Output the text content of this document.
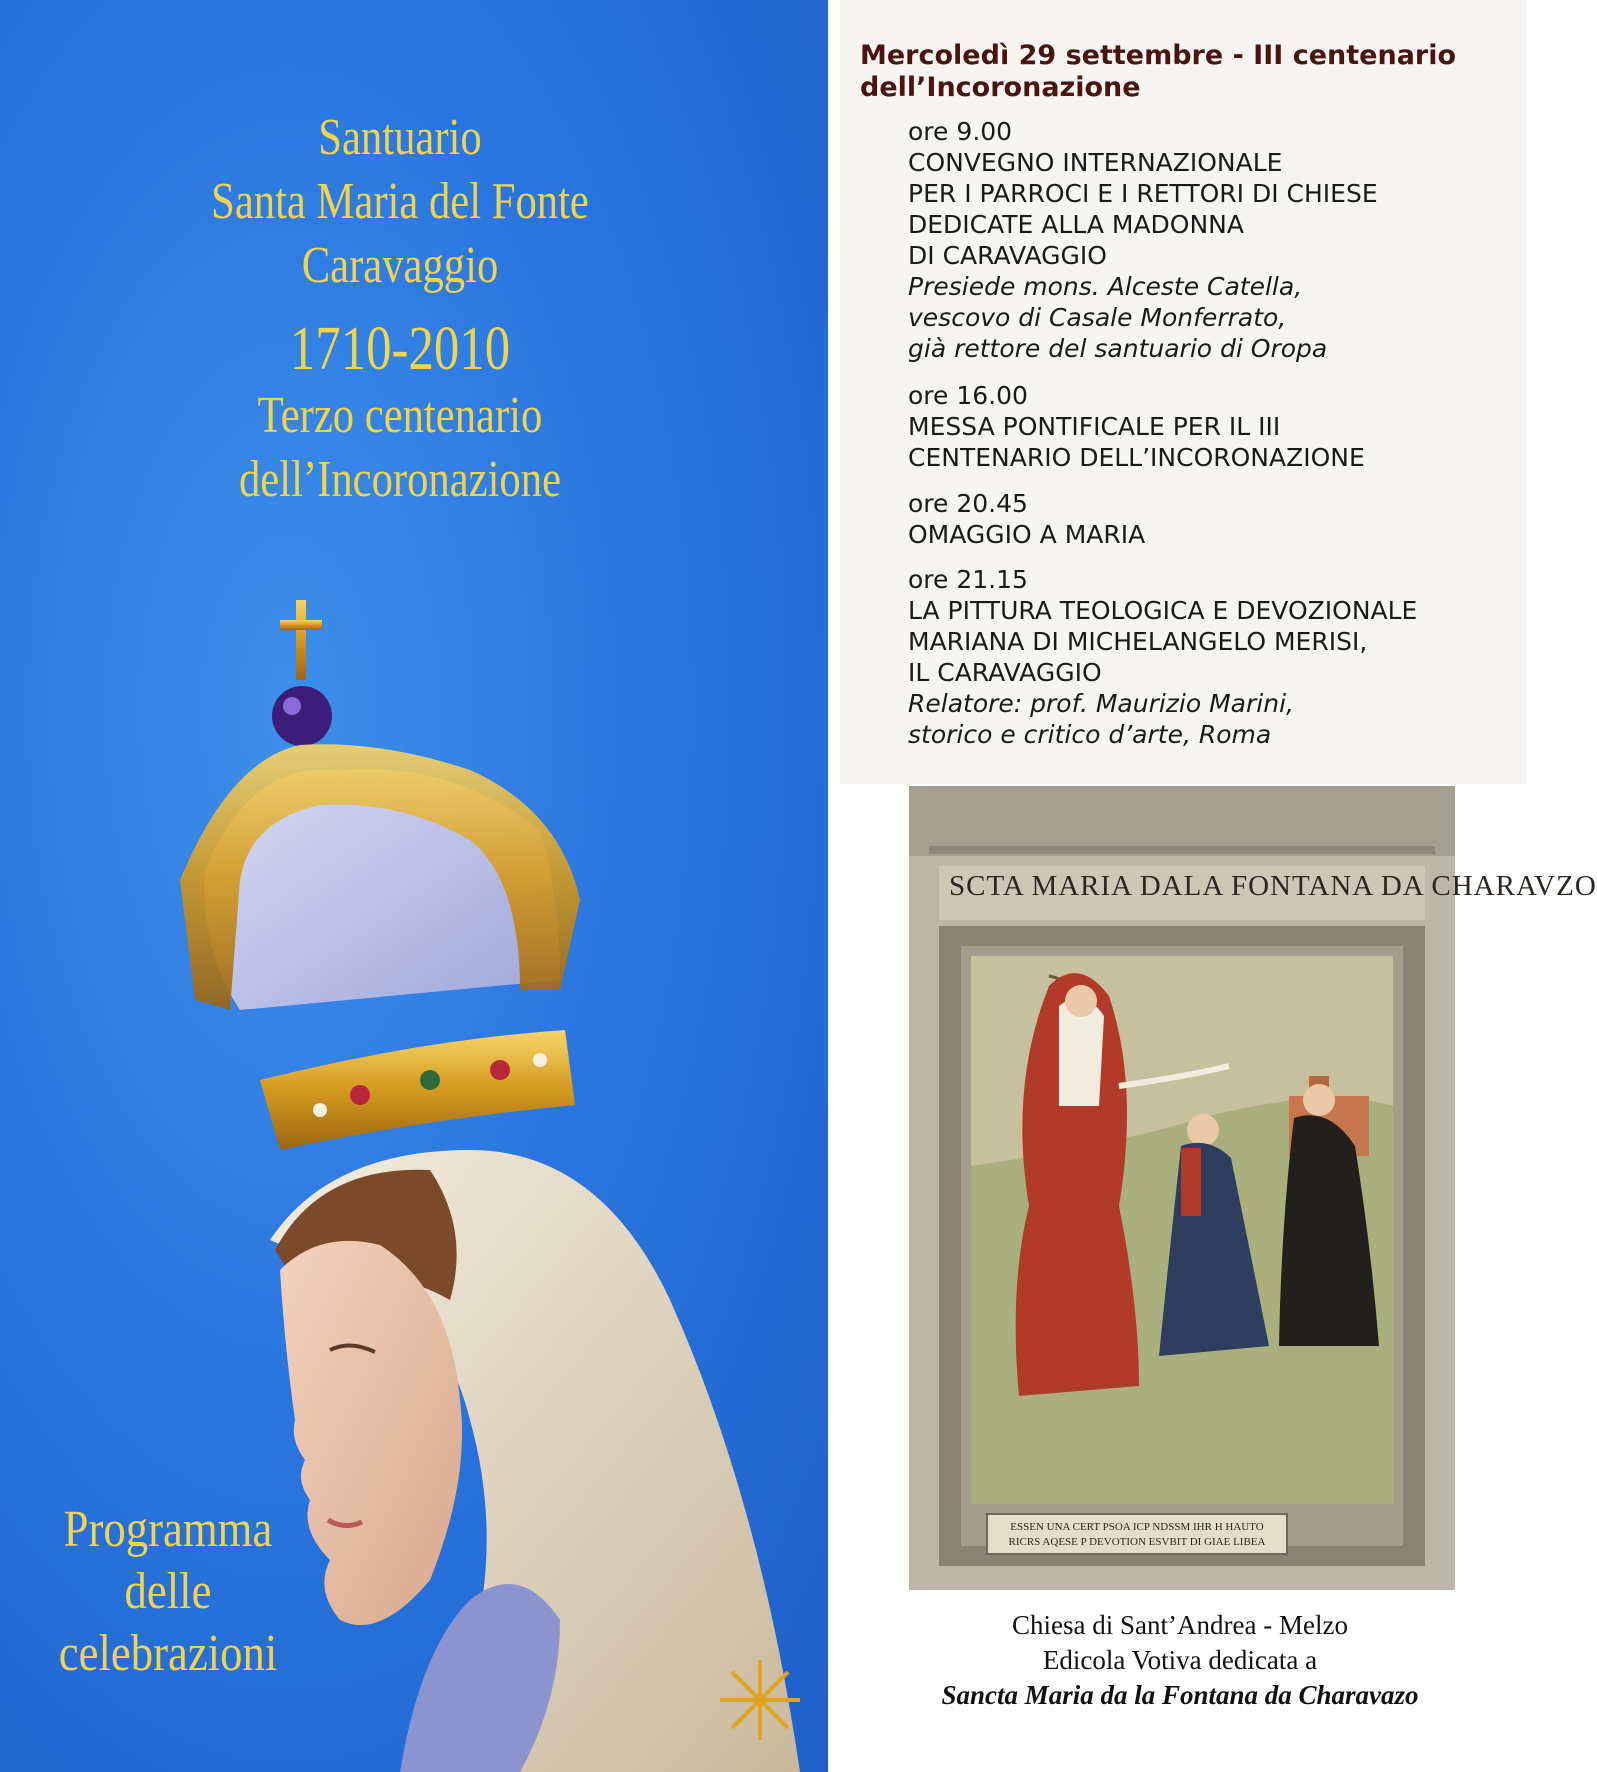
Santuario
Santa Maria del Fonte
Caravaggio
1710-2010
Terzo centenario
dell’Incoronazione
Programma
delle
celebrazioni
Mercoledì 29 settembre - III centenario
dell’Incoronazione
ore 9.00
CONVEGNO INTERNAZIONALE
PER I PARROCI E I RETTORI DI CHIESE
DEDICATE ALLA MADONNA
DI CARAVAGGIO
Presiede mons. Alceste Catella,
vescovo di Casale Monferrato,
già rettore del santuario di Oropa
ore 16.00
MESSA PONTIFICALE PER IL III
CENTENARIO DELL’INCORONAZIONE
ore 20.45
OMAGGIO A MARIA
ore 21.15
LA PITTURA TEOLOGICA E DEVOZIONALE
MARIANA DI MICHELANGELO MERISI,
IL CARAVAGGIO
Relatore: prof. Maurizio Marini,
storico e critico d’arte, Roma
SCTA MARIA DALA FONTANA DA CHARAVZO
ESSEN UNA CERT PSOA ICP NDSSM IHR H HAUTO
RICRS AQESE P DEVOTION ESVBIT DI GIAE LIBEA
Chiesa di Sant’Andrea - Melzo
Edicola Votiva dedicata a
Sancta Maria da la Fontana da Charavazo
